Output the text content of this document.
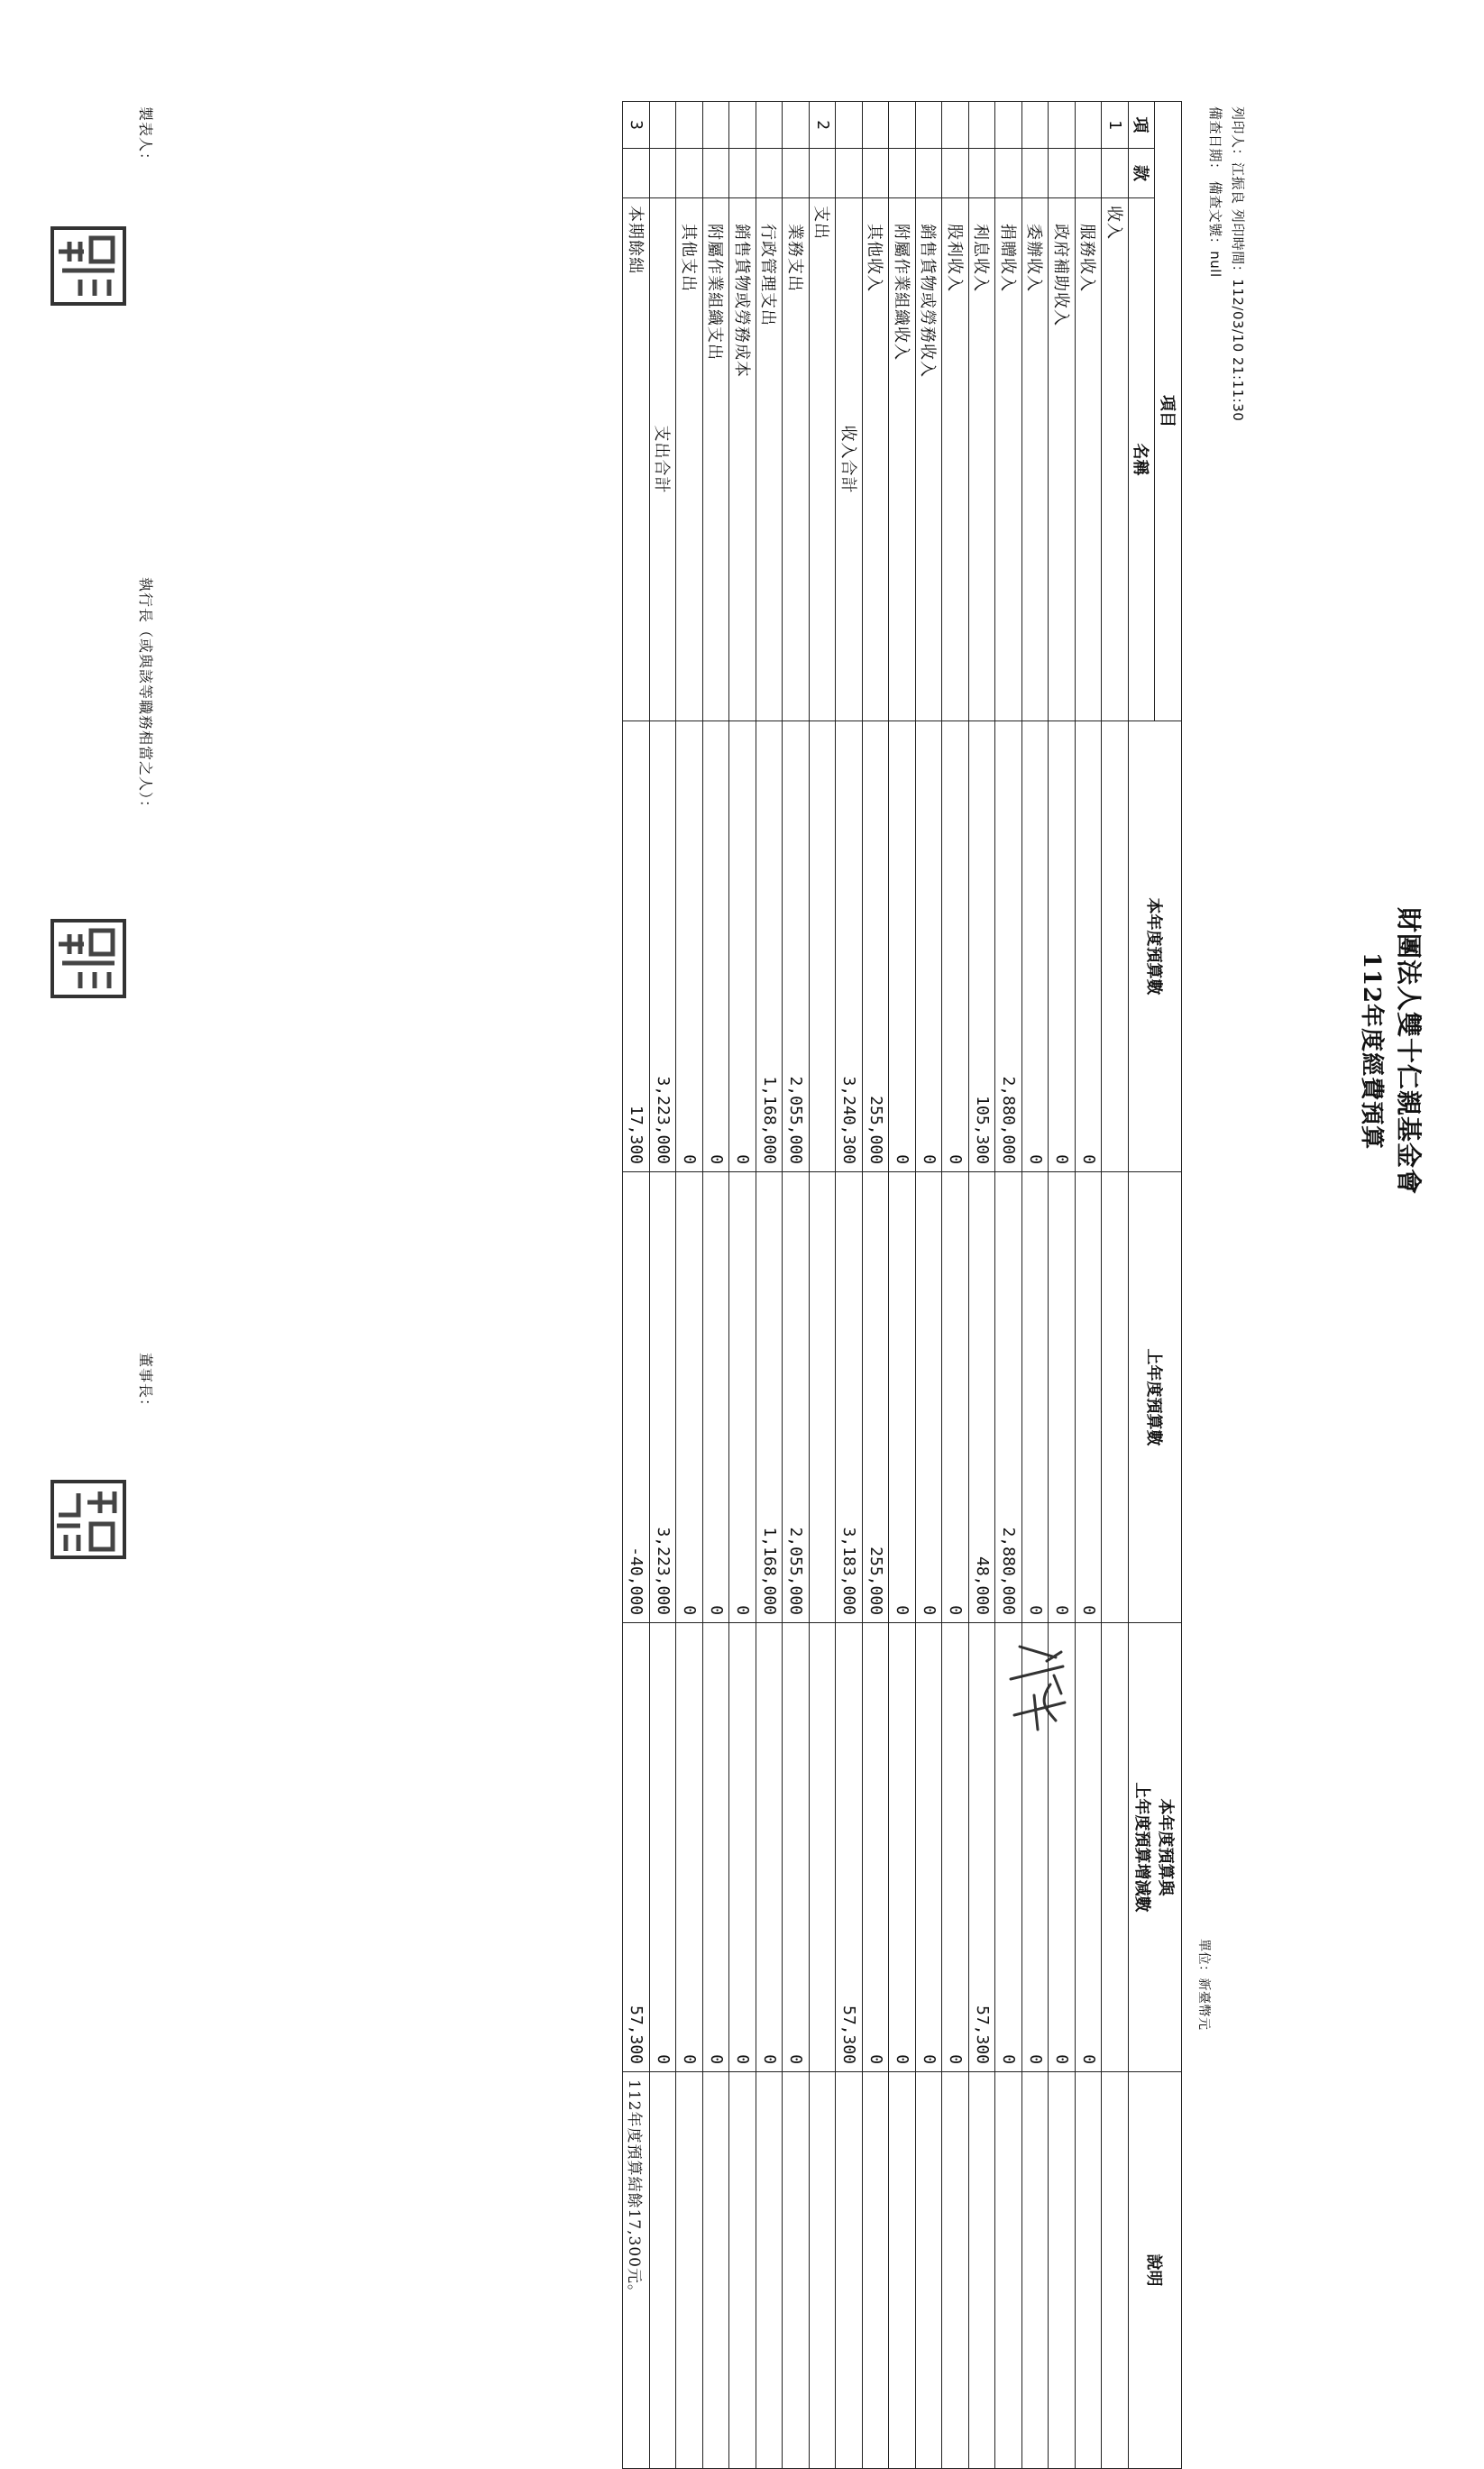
財團法人雙十仁親基金會
112年度經費預算
列印人：江振良 列印時間：112/03/10 21:11:30
備查日期： 備查文號：null
單位：新臺幣元
項目			本年度預算數	上年度預算數	本年度預算與
上年度預算增減數	說明
項	款	名稱				
1		收入				
		服務收入	0	0	0	
		政府補助收入	0	0	0	
		委辦收入	0	0	0	
		捐贈收入	2,880,000	2,880,000	0	
		利息收入	105,300	48,000	57,300	
		股利收入	0	0	0	
		銷售貨物或勞務收入	0	0	0	
		附屬作業組織收入	0	0	0	
		其他收入	255,000	255,000	0	
		收入合計	3,240,300	3,183,000	57,300	
2		支出				
		業務支出	2,055,000	2,055,000	0	
		行政管理支出	1,168,000	1,168,000	0	
		銷售貨物或勞務成本	0	0	0	
		附屬作業組織支出	0	0	0	
		其他支出	0	0	0	
		支出合計	3,223,000	3,223,000	0	
3		本期餘絀	17,300	-40,000	57,300	112年度預算結餘17,300元。
製表人：
執行長（或與該等職務相當之人）：
董事長：
